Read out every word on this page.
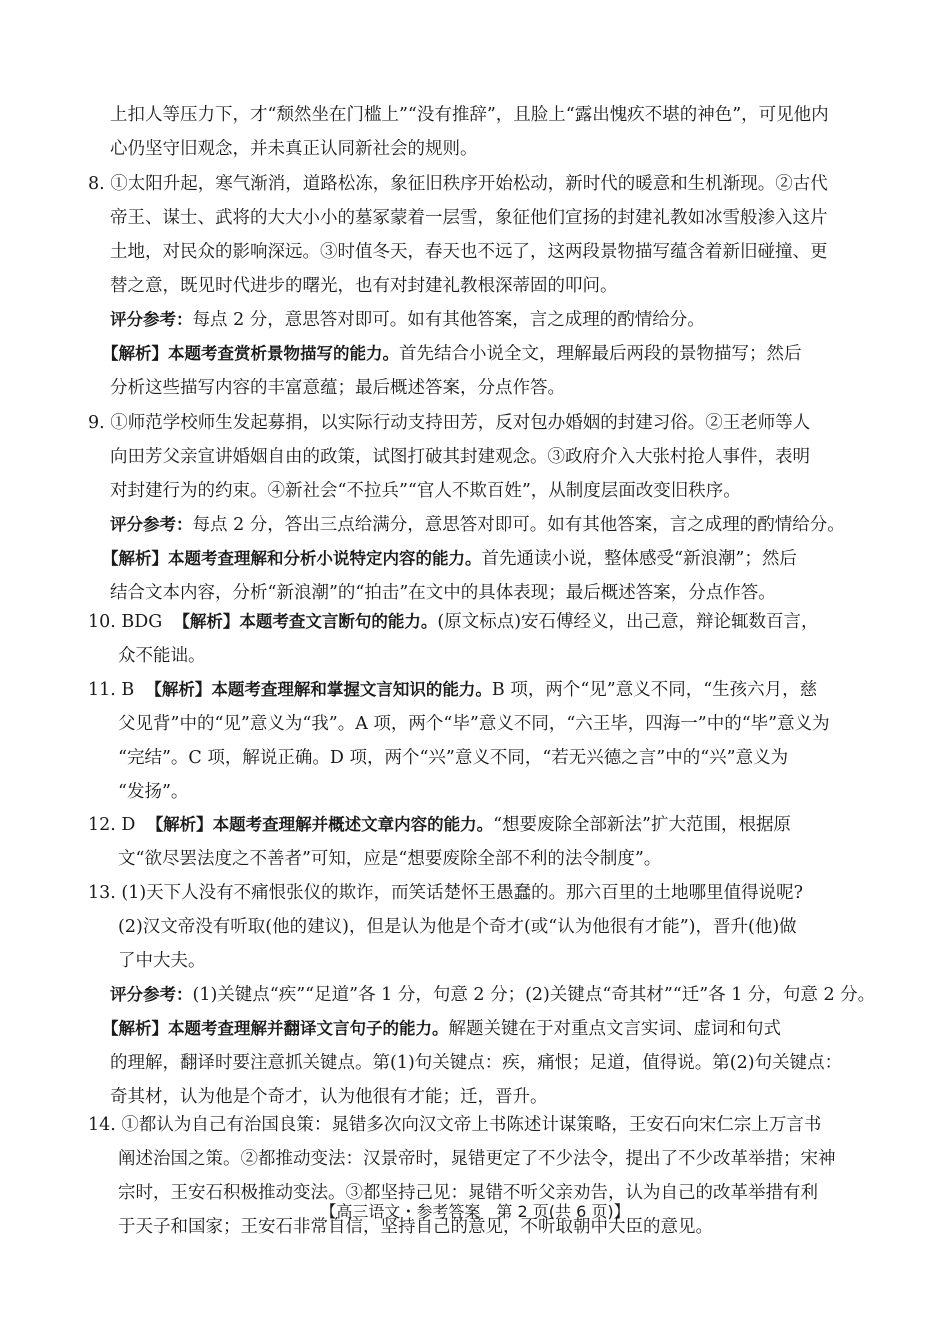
上扣人等压力下，才“颓然坐在门槛上”“没有推辞”，且脸上“露出愧疚不堪的神色”，可见他内
心仍坚守旧观念，并未真正认同新社会的规则。
8. ①太阳升起，寒气渐消，道路松冻，象征旧秩序开始松动，新时代的暖意和生机渐现。②古代
帝王、谋士、武将的大大小小的墓冢蒙着一层雪，象征他们宣扬的封建礼教如冰雪般渗入这片
土地，对民众的影响深远。③时值冬天，春天也不远了，这两段景物描写蕴含着新旧碰撞、更
替之意，既见时代进步的曙光，也有对封建礼教根深蒂固的叩问。
评分参考：每点 2 分，意思答对即可。如有其他答案，言之成理的酌情给分。
【解析】本题考查赏析景物描写的能力。首先结合小说全文，理解最后两段的景物描写；然后
分析这些描写内容的丰富意蕴；最后概述答案，分点作答。
9. ①师范学校师生发起募捐，以实际行动支持田芳，反对包办婚姻的封建习俗。②王老师等人
向田芳父亲宣讲婚姻自由的政策，试图打破其封建观念。③政府介入大张村抢人事件，表明
对封建行为的约束。④新社会“不拉兵”“官人不欺百姓”，从制度层面改变旧秩序。
评分参考：每点 2 分，答出三点给满分，意思答对即可。如有其他答案，言之成理的酌情给分。
【解析】本题考查理解和分析小说特定内容的能力。首先通读小说，整体感受“新浪潮”；然后
结合文本内容，分析“新浪潮”的“拍击”在文中的具体表现；最后概述答案，分点作答。
10. BDG 【解析】本题考查文言断句的能力。(原文标点)安石傅经义，出己意，辩论辄数百言，
众不能诎。
11. B 【解析】本题考查理解和掌握文言知识的能力。B 项，两个“见”意义不同，“生孩六月，慈
父见背”中的“见”意义为“我”。A 项，两个“毕”意义不同，“六王毕，四海一”中的“毕”意义为
“完结”。C 项，解说正确。D 项，两个“兴”意义不同，“若无兴德之言”中的“兴”意义为
“发扬”。
12. D 【解析】本题考查理解并概述文章内容的能力。“想要废除全部新法”扩大范围，根据原
文“欲尽罢法度之不善者”可知，应是“想要废除全部不利的法令制度”。
13. (1)天下人没有不痛恨张仪的欺诈，而笑话楚怀王愚蠢的。那六百里的土地哪里值得说呢?
(2)汉文帝没有听取(他的建议)，但是认为他是个奇才(或“认为他很有才能”)，晋升(他)做
了中大夫。
评分参考：(1)关键点“疾”“足道”各 1 分，句意 2 分；(2)关键点“奇其材”“迁”各 1 分，句意 2 分。
【解析】本题考查理解并翻译文言句子的能力。解题关键在于对重点文言实词、虚词和句式
的理解，翻译时要注意抓关键点。第(1)句关键点：疾，痛恨；足道，值得说。第(2)句关键点：
奇其材，认为他是个奇才，认为他很有才能；迁，晋升。
14. ①都认为自己有治国良策：晁错多次向汉文帝上书陈述计谋策略，王安石向宋仁宗上万言书
阐述治国之策。②都推动变法：汉景帝时，晁错更定了不少法令，提出了不少改革举措；宋神
宗时，王安石积极推动变法。③都坚持己见：晁错不听父亲劝告，认为自己的改革举措有利
于天子和国家；王安石非常自信，坚持自己的意见，不听取朝中大臣的意见。
【高三语文・参考答案　第 2 页(共 6 页)】
